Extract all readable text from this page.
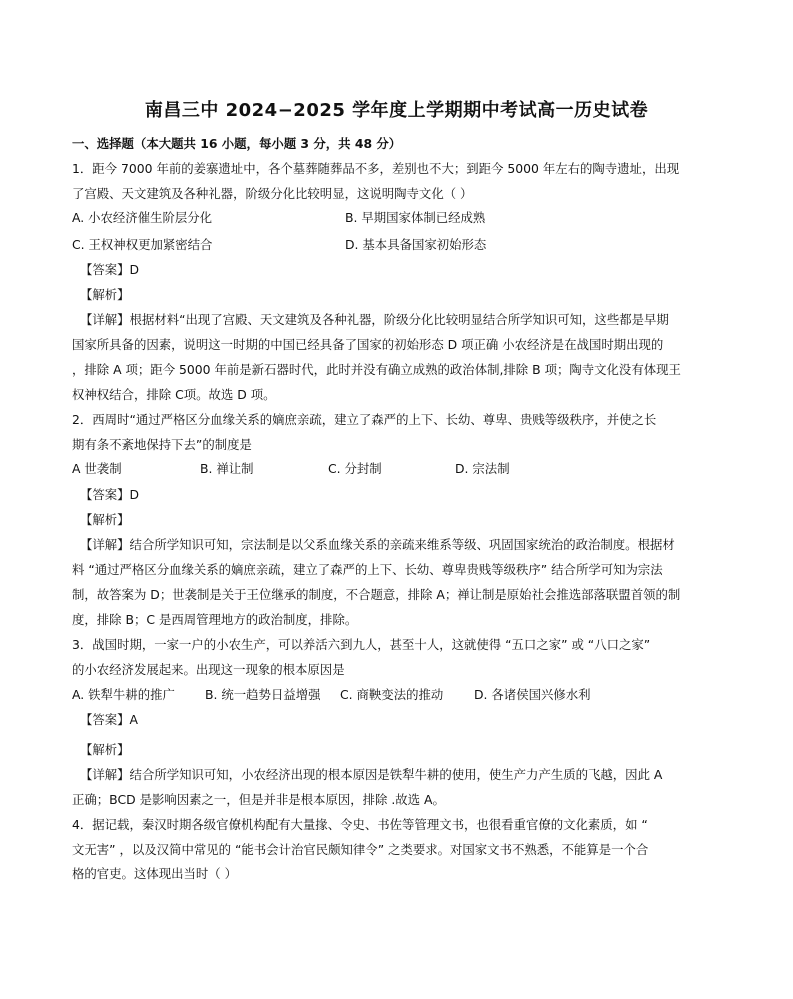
南昌三中 2024−2025 学年度上学期期中考试高一历史试卷
一、选择题（本大题共 16 小题，每小题 3 分，共 48 分）
1．距今 7000 年前的姜寨遗址中，各个墓葬随葬品不多，差别也不大；到距今 5000 年左右的陶寺遗址，出现
了宫殿、天文建筑及各种礼器，阶级分化比较明显，这说明陶寺文化（ ）
A. 小农经济催生阶层分化	B. 早期国家体制已经成熟
C. 王权神权更加紧密结合	D. 基本具备国家初始形态
【答案】D
【解析】
【详解】根据材料“出现了宫殿、天文建筑及各种礼器，阶级分化比较明显结合所学知识可知，这些都是早期
国家所具备的因素，说明这一时期的中国已经具备了国家的初始形态 D 项正确 小农经济是在战国时期出现的
，排除 A 项；距今 5000 年前是新石器时代，此时并没有确立成熟的政治体制,排除 B 项；陶寺文化没有体现王
权神权结合，排除 C项。故选 D 项。
2．西周时“通过严格区分血缘关系的嫡庶亲疏，建立了森严的上下、长幼、尊卑、贵贱等级秩序，并使之长
期有条不紊地保持下去”的制度是
A 世袭制	B. 禅让制	C. 分封制	D. 宗法制
【答案】D
【解析】
【详解】结合所学知识可知，宗法制是以父系血缘关系的亲疏来维系等级、巩固国家统治的政治制度。根据材
料 “通过严格区分血缘关系的嫡庶亲疏，建立了森严的上下、长幼、尊卑贵贱等级秩序” 结合所学可知为宗法
制，故答案为 D；世袭制是关于王位继承的制度，不合题意，排除 A；禅让制是原始社会推选部落联盟首领的制
度，排除 B；C 是西周管理地方的政治制度，排除。
3．战国时期，一家一户的小农生产，可以养活六到九人，甚至十人，这就使得 “五口之家” 或 “八口之家”
的小农经济发展起来。出现这一现象的根本原因是
A. 铁犁牛耕的推广 B. 统一趋势日益增强 C. 商鞅变法的推动 D. 各诸侯国兴修水利
【答案】A
【解析】
【详解】结合所学知识可知，小农经济出现的根本原因是铁犁牛耕的使用，使生产力产生质的飞越，因此 A
正确；BCD 是影响因素之一，但是并非是根本原因，排除 .故选 A。
4．据记载，秦汉时期各级官僚机构配有大量掾、令史、书佐等管理文书，也很看重官僚的文化素质，如 “
文无害” ，以及汉简中常见的 “能书会计治官民颇知律令” 之类要求。对国家文书不熟悉，不能算是一个合
格的官吏。这体现出当时（ ）
